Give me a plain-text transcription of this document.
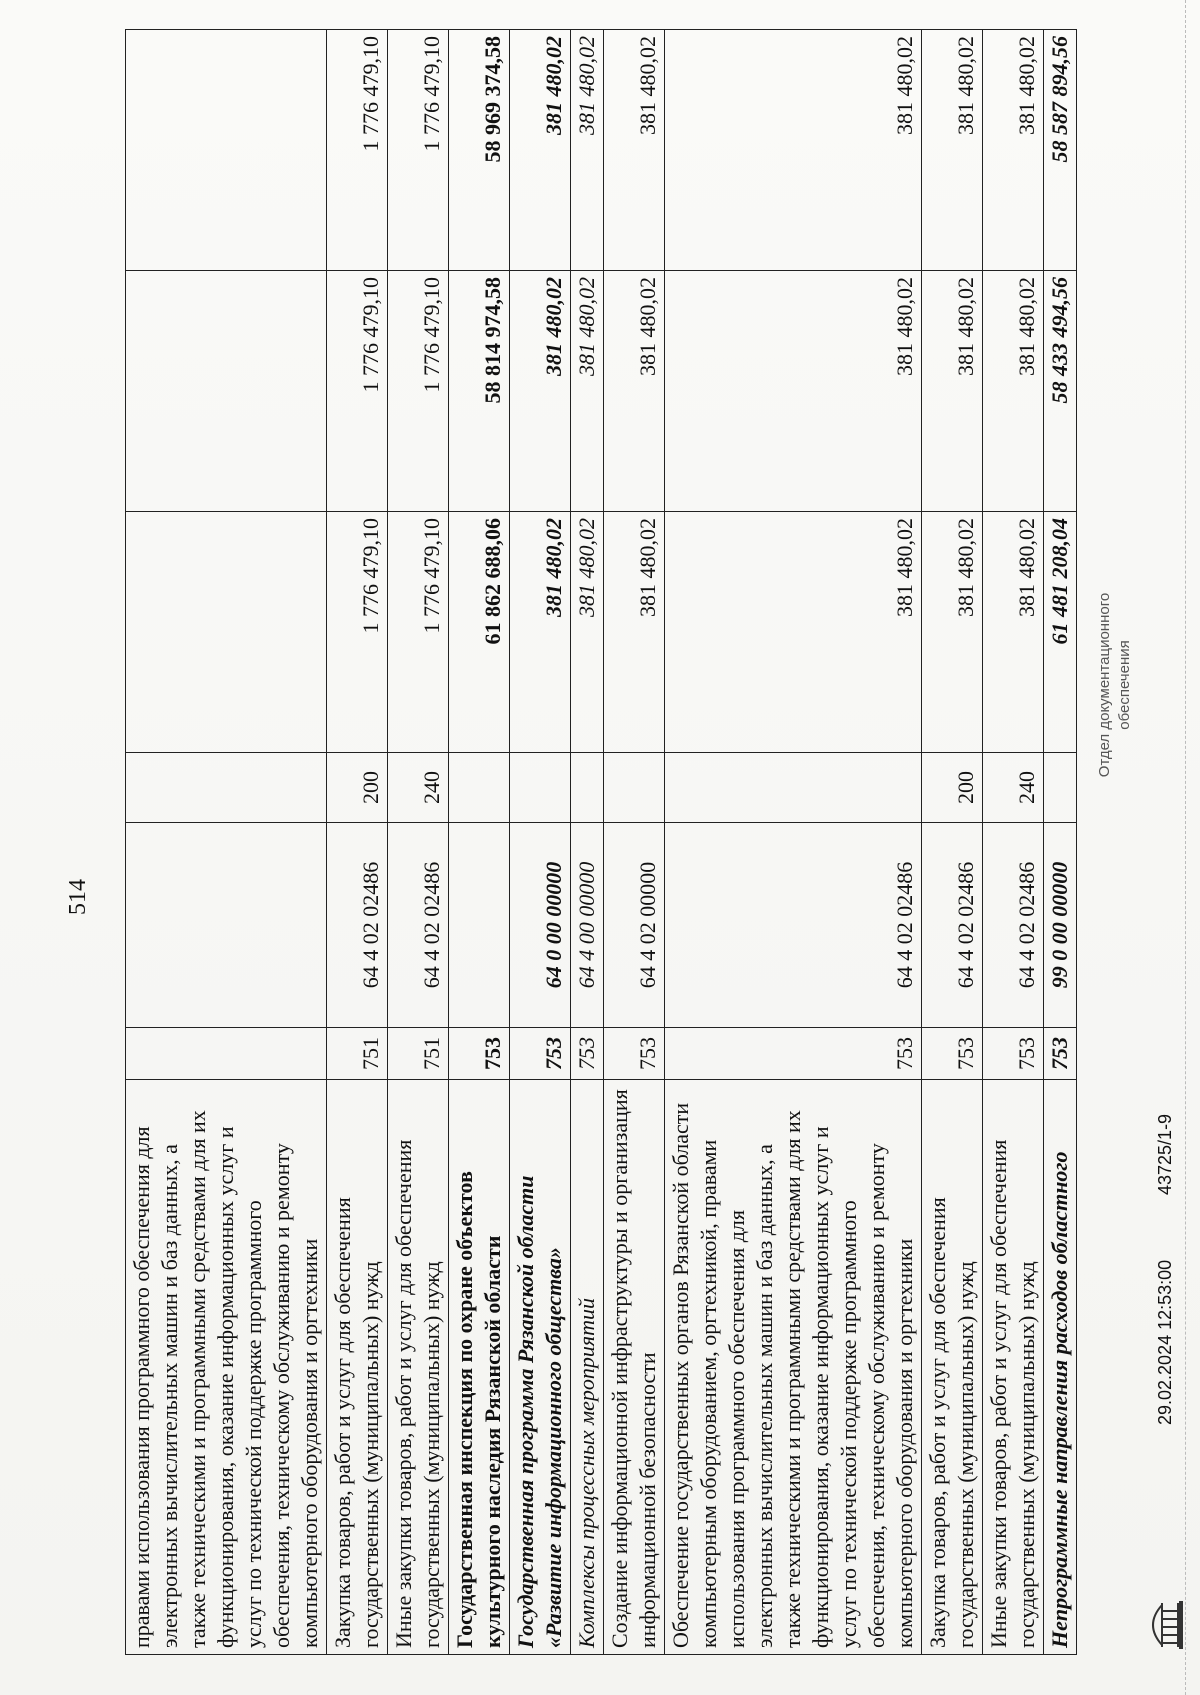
514
правами использования программного обеспечения для электронных вычислительных машин и баз данных, а также техническими и программными средствами для их функционирования, оказание информационных услуг и услуг по технической поддержке программного обеспечения, техническому обслуживанию и ремонту компьютерного оборудования и оргтехники						
Закупка товаров, работ и услуг для обеспечения государственных (муниципальных) нужд	751	64 4 02 02486	200	1 776 479,10	1 776 479,10	1 776 479,10
Иные закупки товаров, работ и услуг для обеспечения государственных (муниципальных) нужд	751	64 4 02 02486	240	1 776 479,10	1 776 479,10	1 776 479,10
Государственная инспекция по охране объектов культурного наследия Рязанской области	753			61 862 688,06	58 814 974,58	58 969 374,58
Государственная программа Рязанской области «Развитие информационного общества»	753	64 0 00 00000		381 480,02	381 480,02	381 480,02
Комплексы процессных мероприятий	753	64 4 00 00000		381 480,02	381 480,02	381 480,02
Создание информационной инфраструктуры и организация информационной безопасности	753	64 4 02 00000		381 480,02	381 480,02	381 480,02
Обеспечение государственных органов Рязанской области компьютерным оборудованием, оргтехникой, правами использования программного обеспечения для электронных вычислительных машин и баз данных, а также техническими и программными средствами для их функционирования, оказание информационных услуг и услуг по технической поддержке программного обеспечения, техническому обслуживанию и ремонту компьютерного оборудования и оргтехники	753	64 4 02 02486		381 480,02	381 480,02	381 480,02
Закупка товаров, работ и услуг для обеспечения государственных (муниципальных) нужд	753	64 4 02 02486	200	381 480,02	381 480,02	381 480,02
Иные закупки товаров, работ и услуг для обеспечения государственных (муниципальных) нужд	753	64 4 02 02486	240	381 480,02	381 480,02	381 480,02
Непрограммные направления расходов областного	753	99 0 00 00000		61 481 208,04	58 433 494,56	58 587 894,56
29.02.2024 12:53:00
43725/1-9
Отдел документационного обеспечения
